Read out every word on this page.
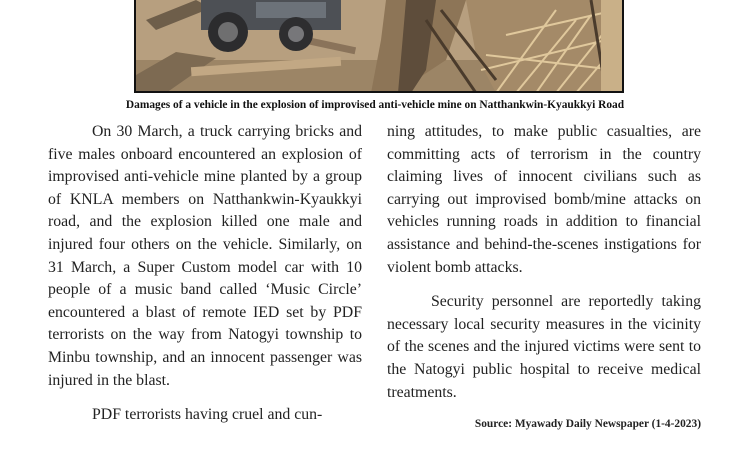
Damages of a vehicle in the explosion of improvised anti-vehicle mine on Natthankwin-Kyaukkyi Road

On 30 March, a truck carrying bricks and five males onboard encountered an explosion of improvised anti-vehicle mine planted by a group of KNLA members on Natthankwin-Kyaukkyi road, and the explosion killed one male and injured four others on the vehicle. Similarly, on 31 March, a Super Custom model car with 10 people of a music band called ‘Music Circle’ encountered a blast of remote IED set by PDF terrorists on the way from Natogyi township to Minbu township, and an innocent passenger was injured in the blast.

PDF terrorists having cruel and cun-

ning attitudes, to make public casualties, are committing acts of terrorism in the country claiming lives of innocent civilians such as carrying out improvised bomb/mine attacks on vehicles running roads in addition to financial assistance and behind-the-scenes instigations for violent bomb attacks.

Security personnel are reportedly taking necessary local security measures in the vicinity of the scenes and the injured victims were sent to the Natogyi public hospital to receive medical treatments.

Source: Myawady Daily Newspaper (1-4-2023)
